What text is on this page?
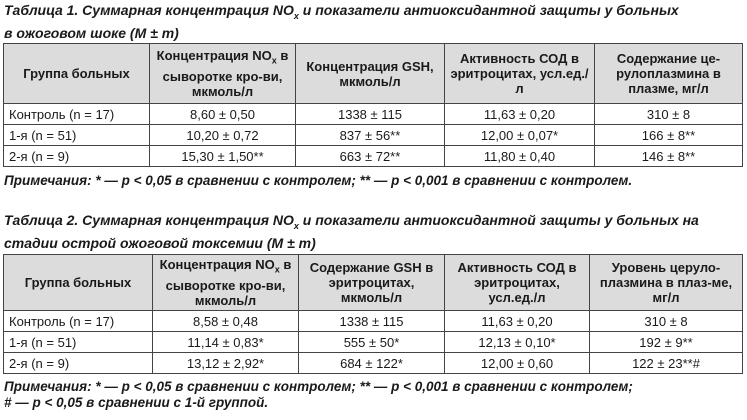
Таблица 1. Суммарная концентрация $NO_x$ и показатели антиоксидантной защиты у больных
в ожоговом шоке (M ± m)
Группа больных	Концентрация $NO_x$ в сыворотке кро-ви, мкмоль/л	Концентрация GSH, мкмоль/л	Активность СОД в эритроцитах, усл.ед./л	Содержание це-рулоплазмина в плазме, мг/л
Контроль (n = 17)	8,60 ± 0,50	1338 ± 115	11,63 ± 0,20	310 ± 8
1-я (n = 51)	10,20 ± 0,72	837 ± 56**	12,00 ± 0,07*	166 ± 8**
2-я (n = 9)	15,30 ± 1,50**	663 ± 72**	11,80 ± 0,40	146 ± 8**
Примечания: * — p < 0,05 в сравнении с контролем; ** — p < 0,001 в сравнении с контролем.
Таблица 2. Суммарная концентрация $NO_x$ и показатели антиоксидантной защиты у больных на
стадии острой ожоговой токсемии (M ± m)
Группа больных	Концентрация $NO_x$ в сыворотке кро-ви, мкмоль/л	Содержание GSH в эритроцитах, мкмоль/л	Активность СОД в эритроцитах, усл.ед./л	Уровень церуло-плазмина в плаз-ме, мг/л
Контроль (n = 17)	8,58 ± 0,48	1338 ± 115	11,63 ± 0,20	310 ± 8
1-я (n = 51)	11,14 ± 0,83*	555 ± 50*	12,13 ± 0,10*	192 ± 9**
2-я (n = 9)	13,12 ± 2,92*	684 ± 122*	12,00 ± 0,60	122 ± 23**#
Примечания: * — p < 0,05 в сравнении с контролем; ** — p < 0,001 в сравнении с контролем;
# — p < 0,05 в сравнении с 1-й группой.
